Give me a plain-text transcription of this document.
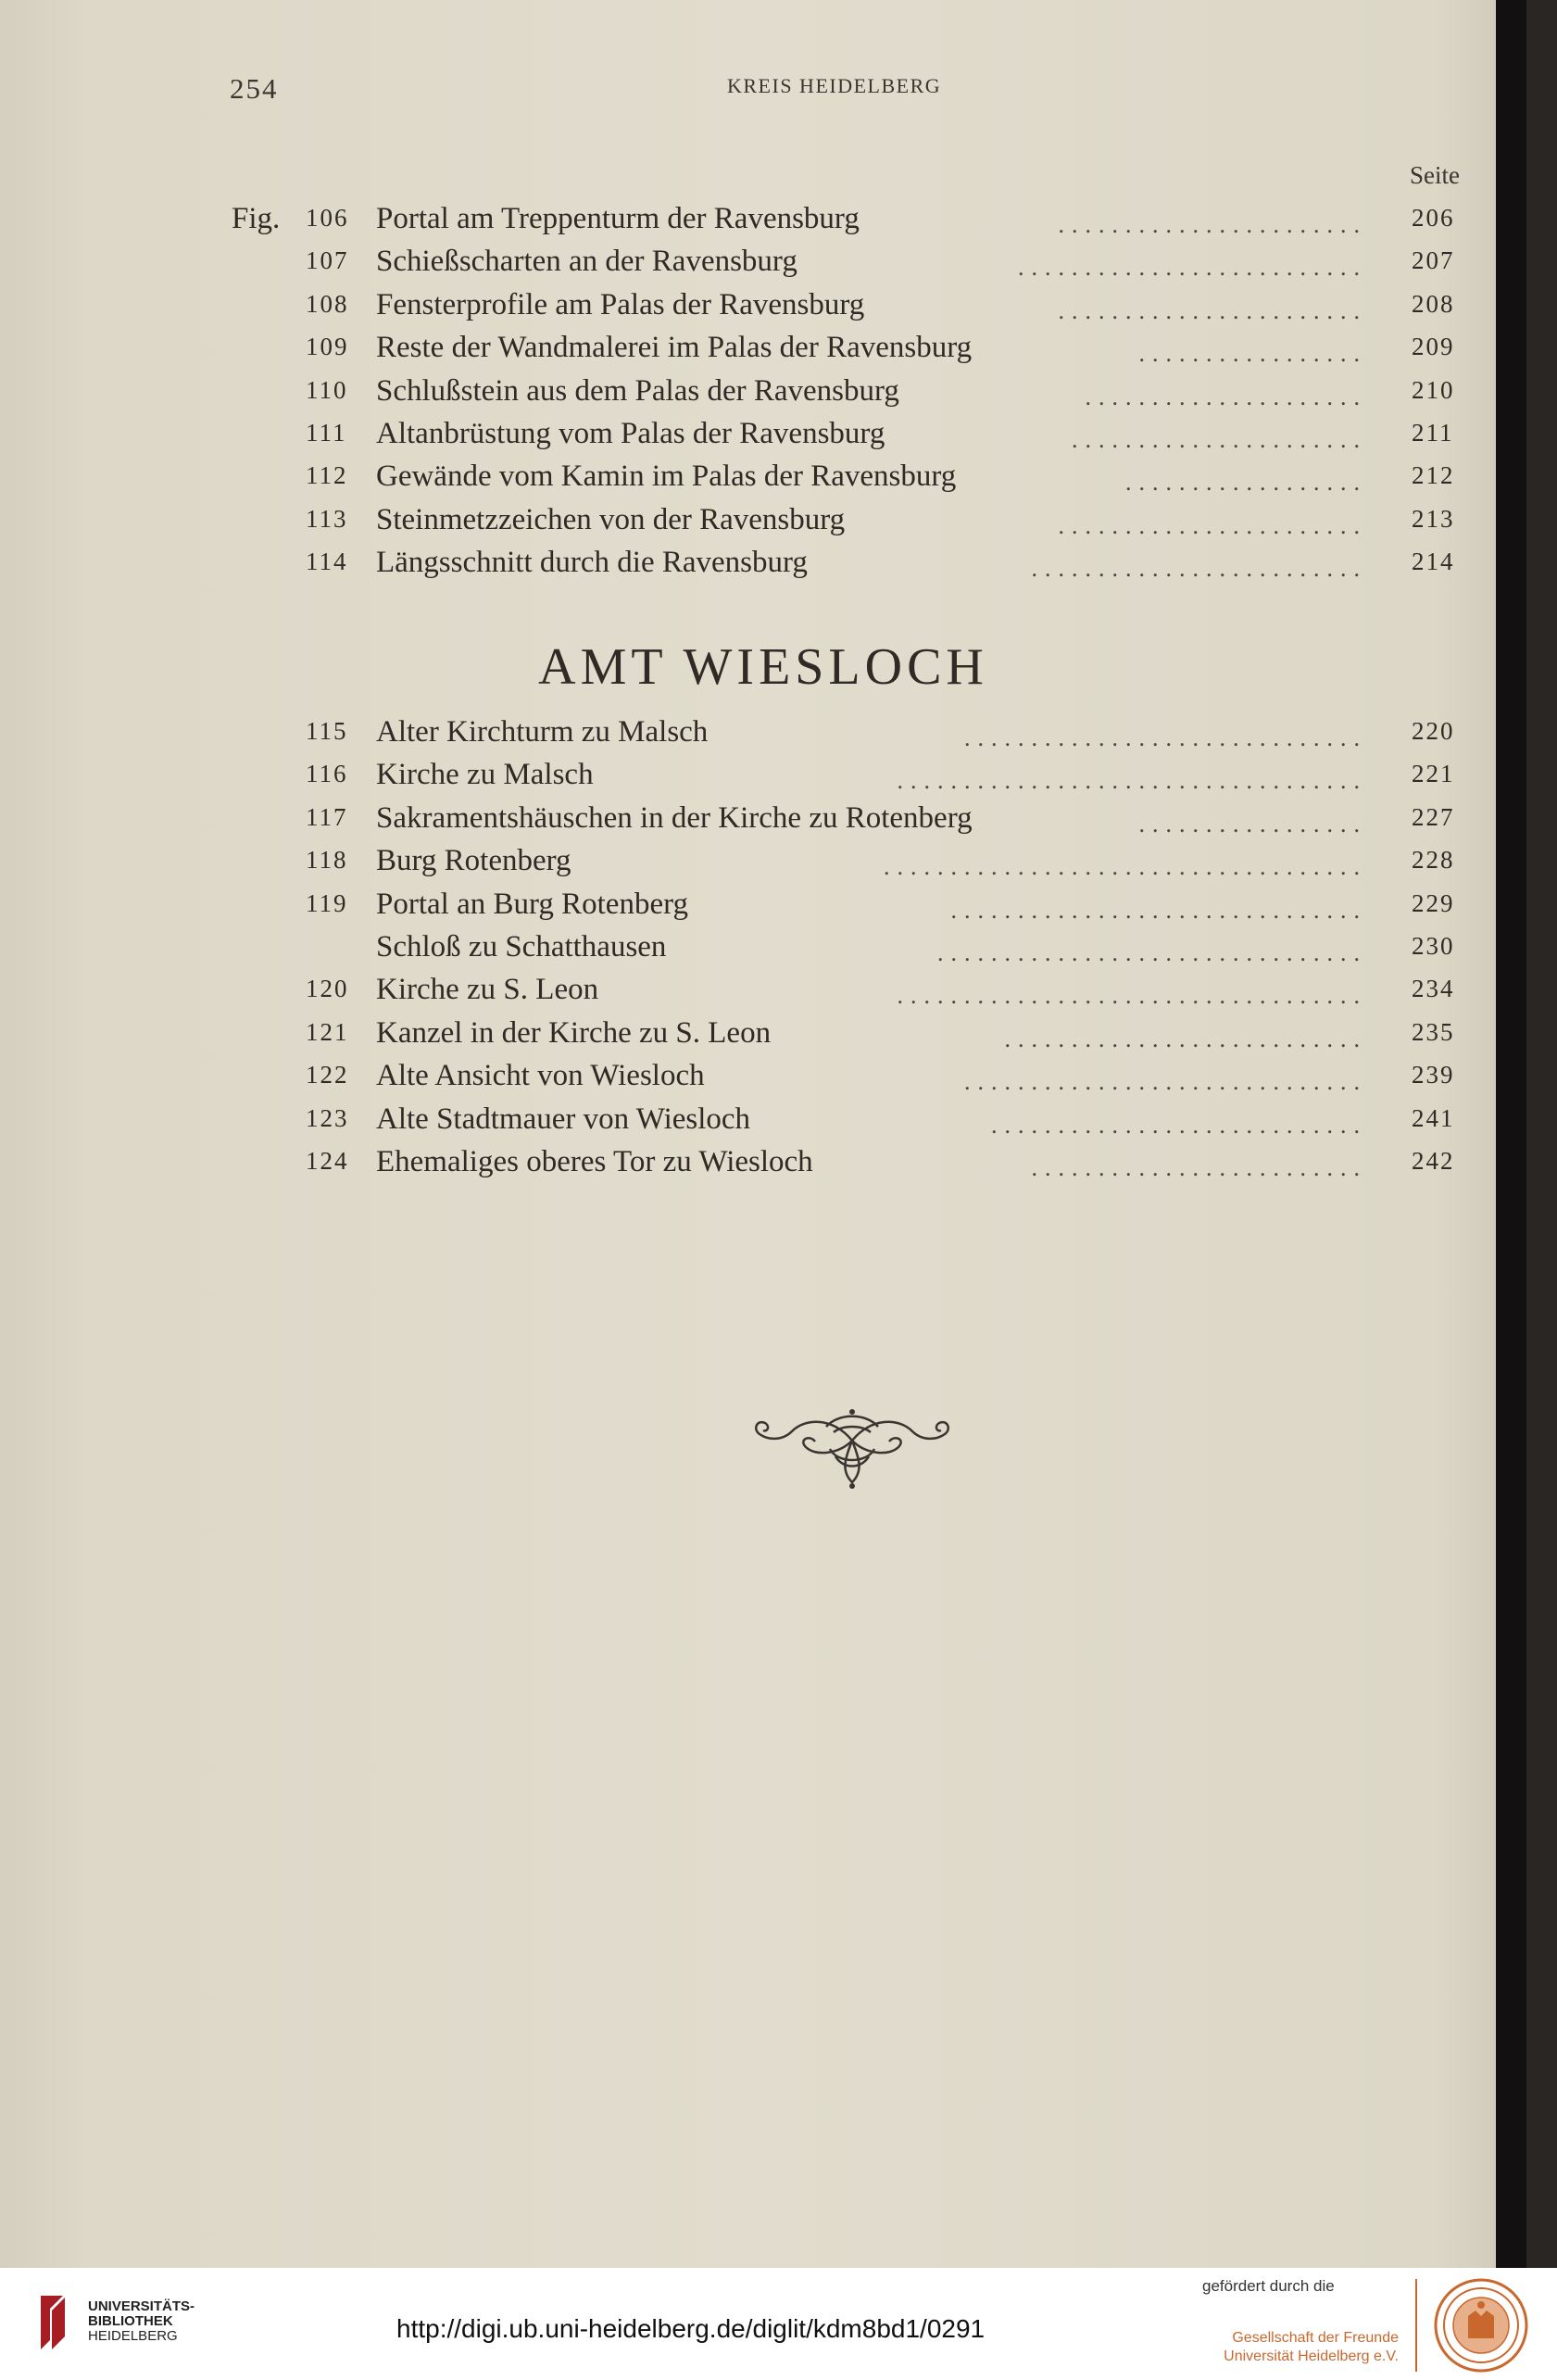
254	KREIS HEIDELBERG
Seite
Fig. 106 Portal am Treppenturm der Ravensburg	....................... 206
107 Schießscharten an der Ravensburg	.......................... 207
108 Fensterprofile am Palas der Ravensburg	....................... 208
109 Reste der Wandmalerei im Palas der Ravensburg	................. 209
110 Schlußstein aus dem Palas der Ravensburg	..................... 210
111 Altanbrüstung vom Palas der Ravensburg	...................... 211
112 Gewände vom Kamin im Palas der Ravensburg	.................. 212
113 Steinmetzzeichen von der Ravensburg	....................... 213
114 Längsschnitt durch die Ravensburg	......................... 214
AMT WIESLOCH
115 Alter Kirchturm zu Malsch	.............................. 220
116 Kirche zu Malsch	................................... 221
117 Sakramentshäuschen in der Kirche zu Rotenberg	................. 227
118 Burg Rotenberg	.................................... 228
119 Portal an Burg Rotenberg	............................... 229
Schloß zu Schatthausen	................................ 230
120 Kirche zu S. Leon	................................... 234
121 Kanzel in der Kirche zu S. Leon	........................... 235
122 Alte Ansicht von Wiesloch	.............................. 239
123 Alte Stadtmauer von Wiesloch	............................ 241
124 Ehemaliges oberes Tor zu Wiesloch	......................... 242
UNIVERSITÄTS-
BIBLIOTHEK
HEIDELBERG	http://digi.ub.uni-heidelberg.de/diglit/kdm8bd1/0291
gefördert durch die
Gesellschaft der Freunde
Universität Heidelberg e.V.
